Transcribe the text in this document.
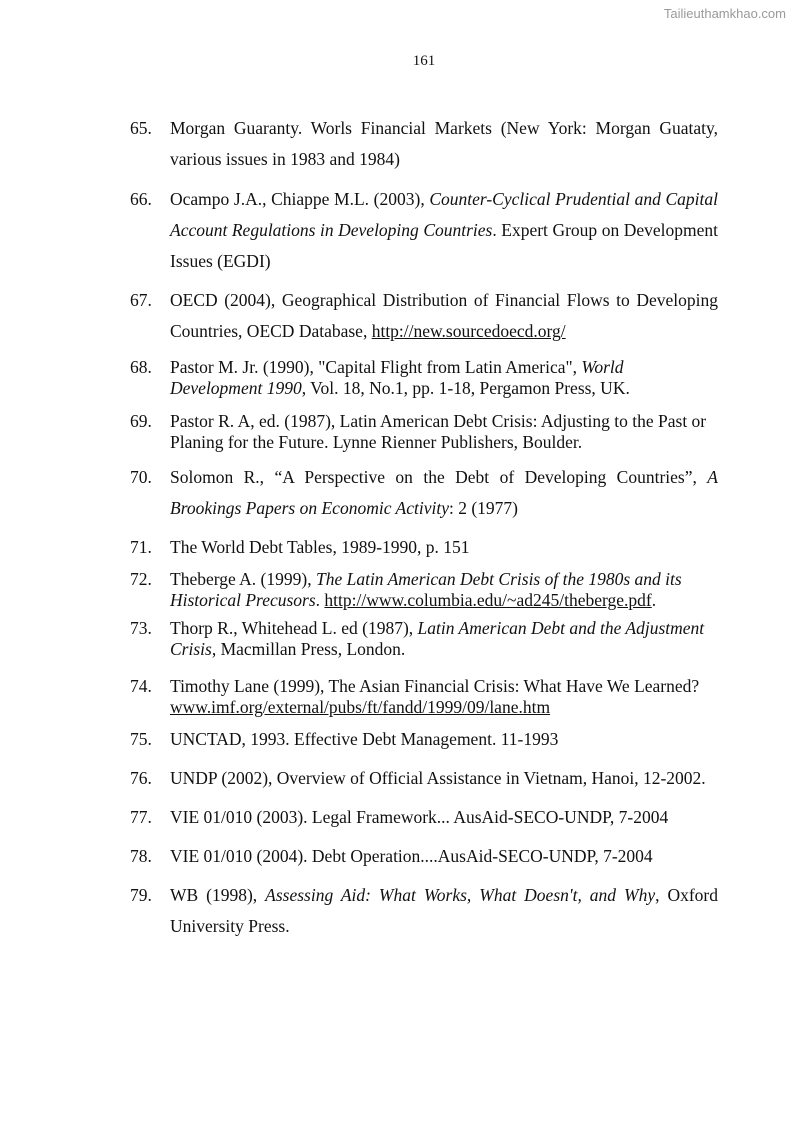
Tailieuthamkhao.com
161
65.	Morgan Guaranty. Worls Financial Markets (New York: Morgan Guataty, various issues in 1983 and 1984)
66.	Ocampo J.A., Chiappe M.L. (2003), Counter-Cyclical Prudential and Capital Account Regulations in Developing Countries. Expert Group on Development Issues (EGDI)
67.	OECD (2004), Geographical Distribution of Financial Flows to Developing Countries, OECD Database, http://new.sourcedoecd.org/
68.	Pastor M. Jr. (1990), "Capital Flight from Latin America", World Development 1990, Vol. 18, No.1, pp. 1-18, Pergamon Press, UK.
69.	Pastor R. A, ed. (1987), Latin American Debt Crisis: Adjusting to the Past or Planing for the Future. Lynne Rienner Publishers, Boulder.
70.	Solomon R., “A Perspective on the Debt of Developing Countries”, A Brookings Papers on Economic Activity: 2 (1977)
71.	The World Debt Tables, 1989-1990, p. 151
72.	Theberge A. (1999), The Latin American Debt Crisis of the 1980s and its Historical Precusors. http://www.columbia.edu/~ad245/theberge.pdf.
73.	Thorp R., Whitehead L. ed (1987), Latin American Debt and the Adjustment Crisis, Macmillan Press, London.
74.	Timothy Lane (1999), The Asian Financial Crisis: What Have We Learned?
www.imf.org/external/pubs/ft/fandd/1999/09/lane.htm
75.	UNCTAD, 1993. Effective Debt Management. 11-1993
76.	UNDP (2002), Overview of Official Assistance in Vietnam, Hanoi, 12-2002.
77.	VIE 01/010 (2003). Legal Framework... AusAid-SECO-UNDP, 7-2004
78.	VIE 01/010 (2004). Debt Operation....AusAid-SECO-UNDP, 7-2004
79.	WB (1998), Assessing Aid: What Works, What Doesn't, and Why, Oxford University Press.
